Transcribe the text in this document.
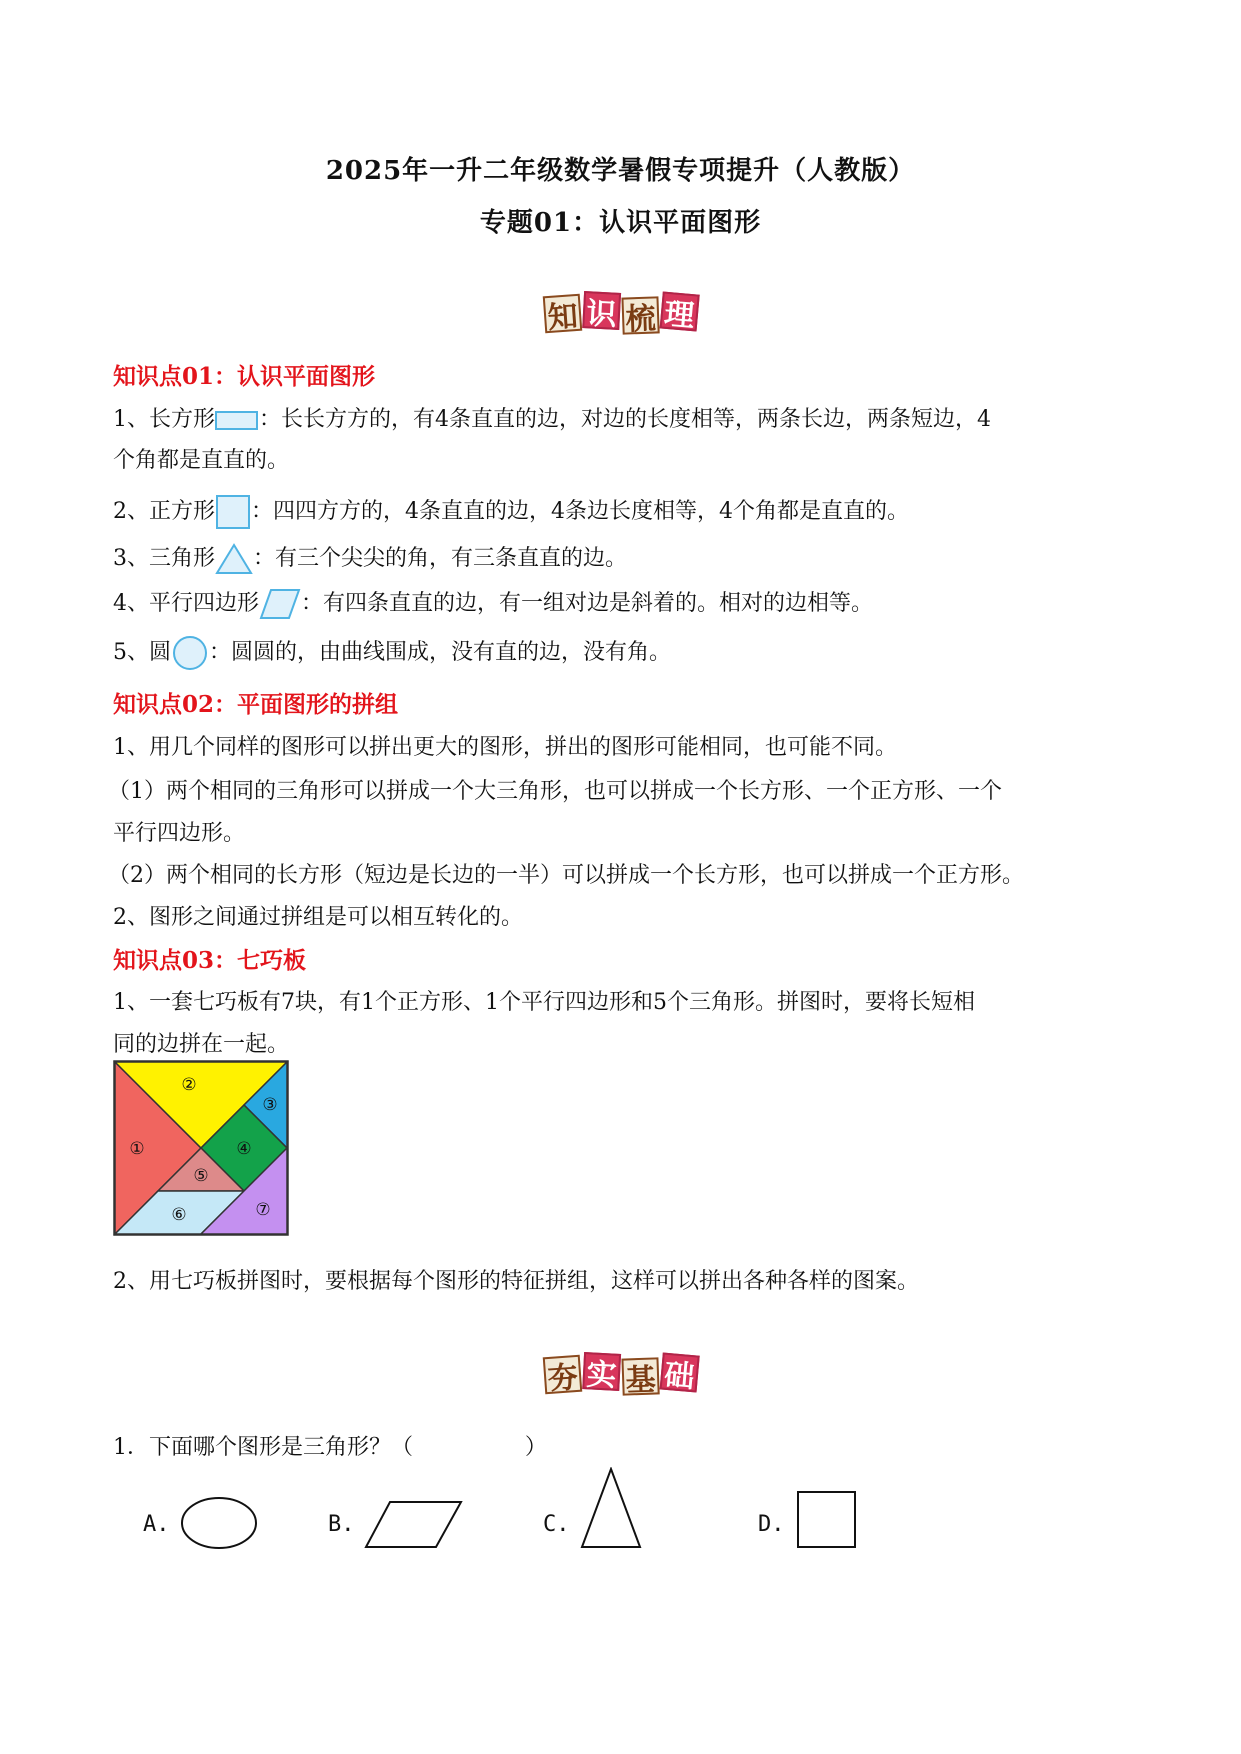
2025年一升二年级数学暑假专项提升（人教版）
专题01：认识平面图形
知 识 梳 理
知识点01：认识平面图形
1、长方形 ：长长方方的，有4条直直的边，对边的长度相等，两条长边，两条短边，4
个角都是直直的。
2、正方形 ：四四方方的，4条直直的边，4条边长度相等，4个角都是直直的。
3、三角形 ：有三个尖尖的角，有三条直直的边。
4、平行四边形 ：有四条直直的边，有一组对边是斜着的。相对的边相等。
5、圆 ：圆圆的，由曲线围成，没有直的边，没有角。
知识点02：平面图形的拼组
1、用几个同样的图形可以拼出更大的图形，拼出的图形可能相同，也可能不同。
（1）两个相同的三角形可以拼成一个大三角形，也可以拼成一个长方形、一个正方形、一个
平行四边形。
（2）两个相同的长方形（短边是长边的一半）可以拼成一个长方形，也可以拼成一个正方形。
2、图形之间通过拼组是可以相互转化的。
知识点03：七巧板
1、一套七巧板有7块，有1个正方形、1个平行四边形和5个三角形。拼图时，要将长短相
同的边拼在一起。
①
②
③
④
⑤
⑥	⑦
2、用七巧板拼图时，要根据每个图形的特征拼组，这样可以拼出各种各样的图案。
夯 实 基 础
1．下面哪个图形是三角形？（                ）
A.	B.	C.	D.
